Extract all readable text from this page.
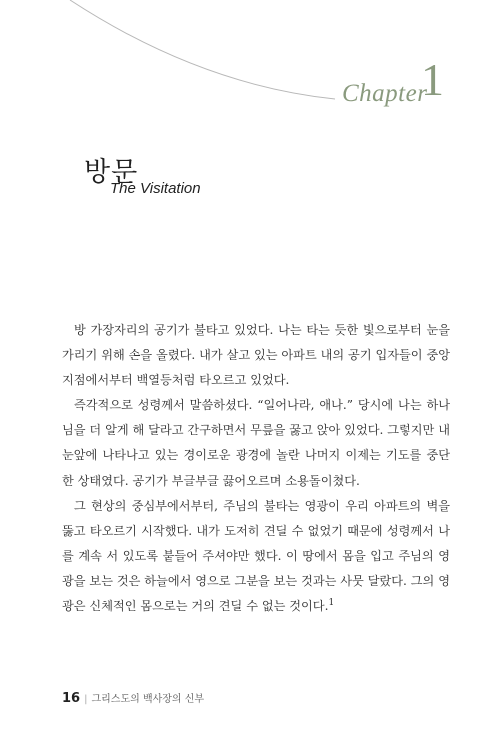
Chapter
1
방문
The Visitation

방 가장자리의 공기가 불타고 있었다. 나는 타는 듯한 빛으로부터 눈을 가리기 위해 손을 올렸다. 내가 살고 있는 아파트 내의 공기 입자들이 중앙 지점에서부터 백열등처럼 타오르고 있었다.

즉각적으로 성령께서 말씀하셨다. “일어나라, 애나.” 당시에 나는 하나님을 더 알게 해 달라고 간구하면서 무릎을 꿇고 앉아 있었다. 그렇지만 내 눈앞에 나타나고 있는 경이로운 광경에 놀란 나머지 이제는 기도를 중단한 상태였다. 공기가 부글부글 끓어오르며 소용돌이쳤다.

그 현상의 중심부에서부터, 주님의 불타는 영광이 우리 아파트의 벽을 뚫고 타오르기 시작했다. 내가 도저히 견딜 수 없었기 때문에 성령께서 나를 계속 서 있도록 붙들어 주셔야만 했다. 이 땅에서 몸을 입고 주님의 영광을 보는 것은 하늘에서 영으로 그분을 보는 것과는 사뭇 달랐다. 그의 영광은 신체적인 몸으로는 거의 견딜 수 없는 것이다.$^1$

16 | 그리스도의 백사장의 신부
